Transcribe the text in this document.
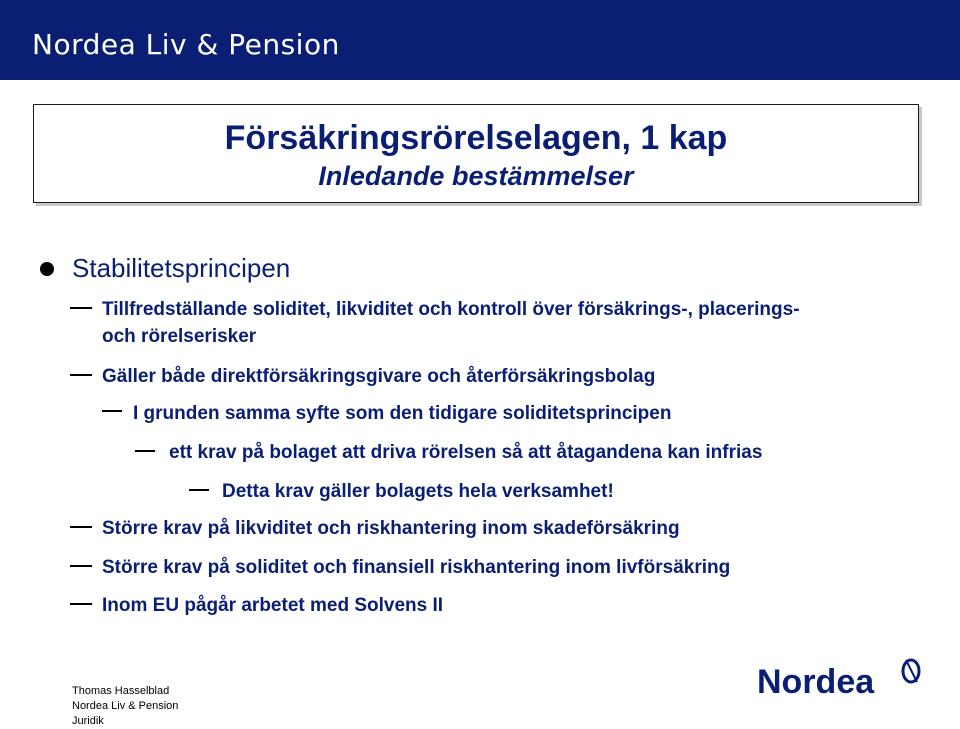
Nordea Liv & Pension
Försäkringsrörelselagen, 1 kap
Inledande bestämmelser
Stabilitetsprincipen
Tillfredställande soliditet, likviditet och kontroll över försäkrings-, placerings-
och rörelserisker
Gäller både direktförsäkringsgivare och återförsäkringsbolag
I grunden samma syfte som den tidigare soliditetsprincipen
ett krav på bolaget att driva rörelsen så att åtagandena kan infrias
Detta krav gäller bolagets hela verksamhet!
Större krav på likviditet och riskhantering inom skadeförsäkring
Större krav på soliditet och finansiell riskhantering inom livförsäkring
Inom EU pågår arbetet med Solvens II
Thomas Hasselblad
Nordea Liv & Pension
Juridik
Nordea
